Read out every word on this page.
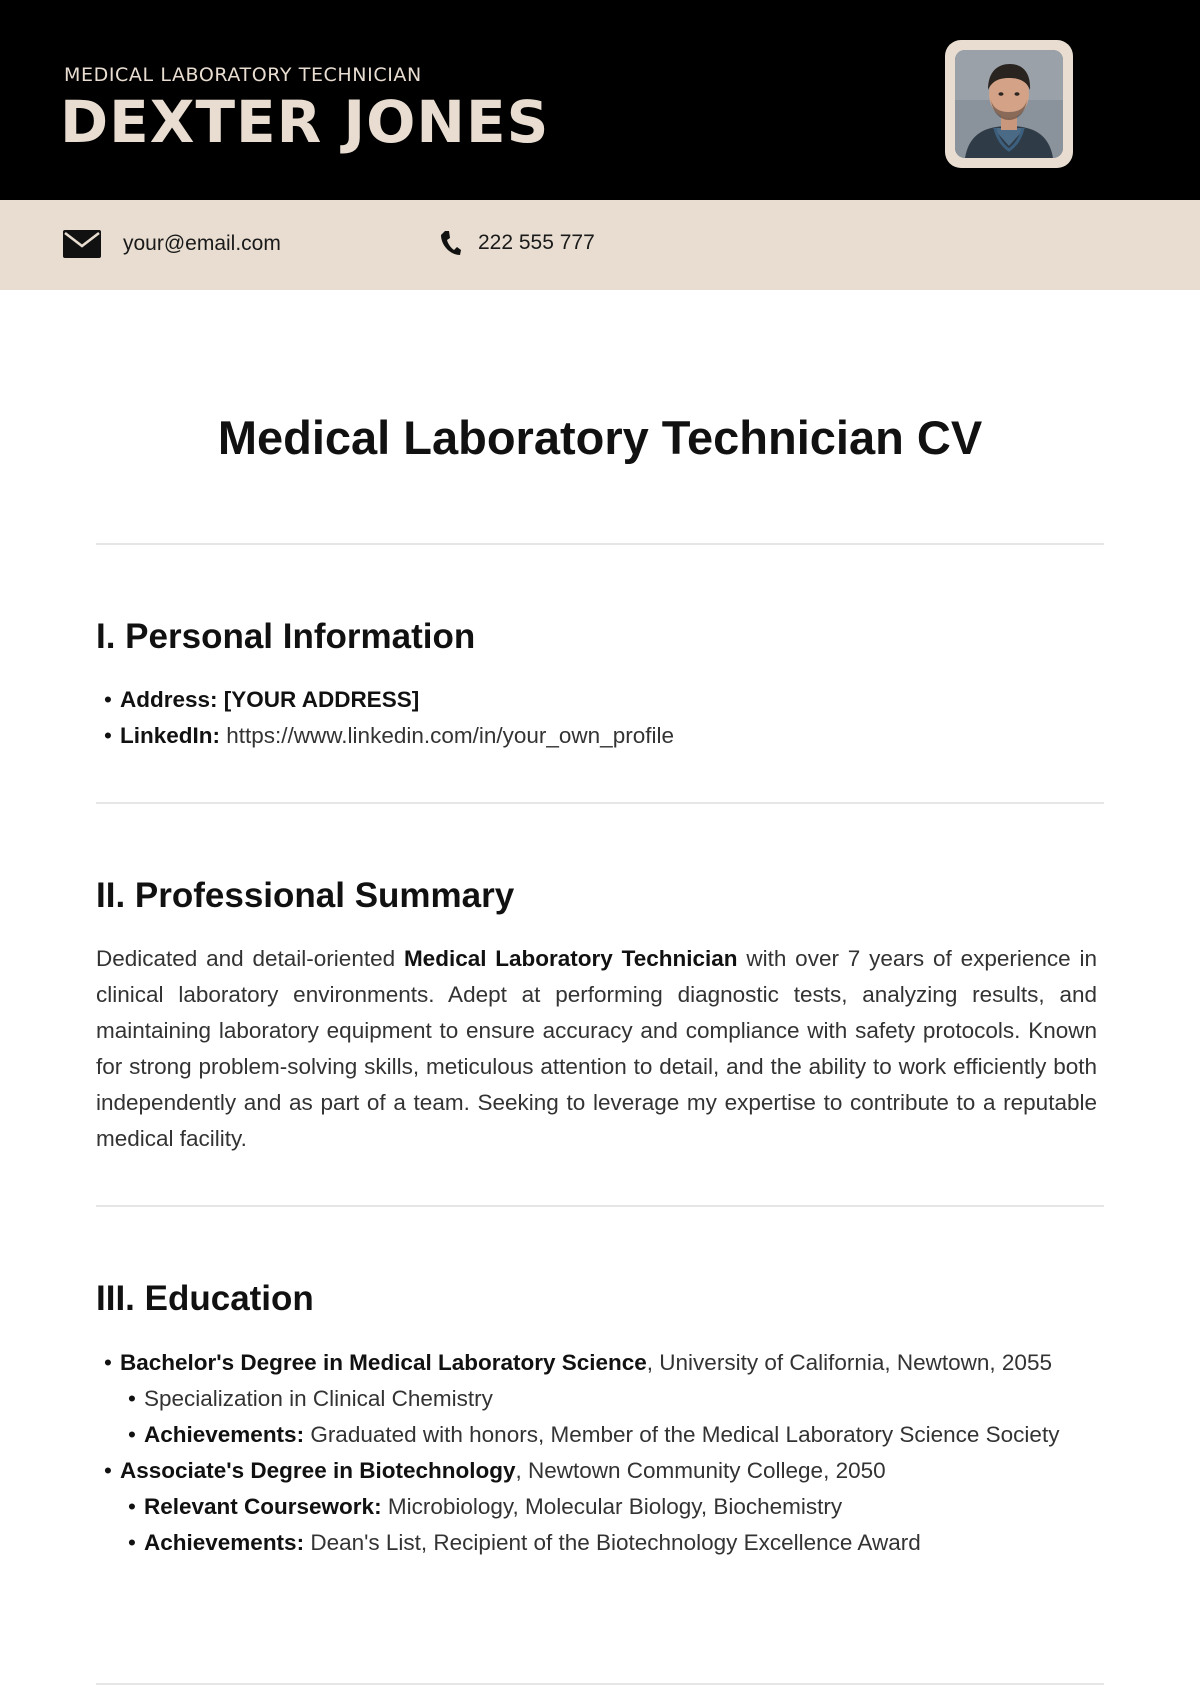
MEDICAL LABORATORY TECHNICIAN
DEXTER JONES
your@email.com	222 555 777
Medical Laboratory Technician CV
I. Personal Information
• Address: [YOUR ADDRESS]
• LinkedIn: https://www.linkedin.com/in/your_own_profile
II. Professional Summary

Dedicated and detail-oriented Medical Laboratory Technician with over 7 years of experience in clinical laboratory environments. Adept at performing diagnostic tests, analyzing results, and maintaining laboratory equipment to ensure accuracy and compliance with safety protocols. Known for strong problem-solving skills, meticulous attention to detail, and the ability to work efficiently both independently and as part of a team. Seeking to leverage my expertise to contribute to a reputable medical facility.

III. Education
• Bachelor's Degree in Medical Laboratory Science, University of California, Newtown, 2055
• Specialization in Clinical Chemistry
• Achievements: Graduated with honors, Member of the Medical Laboratory Science Society
• Associate's Degree in Biotechnology, Newtown Community College, 2050
• Relevant Coursework: Microbiology, Molecular Biology, Biochemistry
• Achievements: Dean's List, Recipient of the Biotechnology Excellence Award
